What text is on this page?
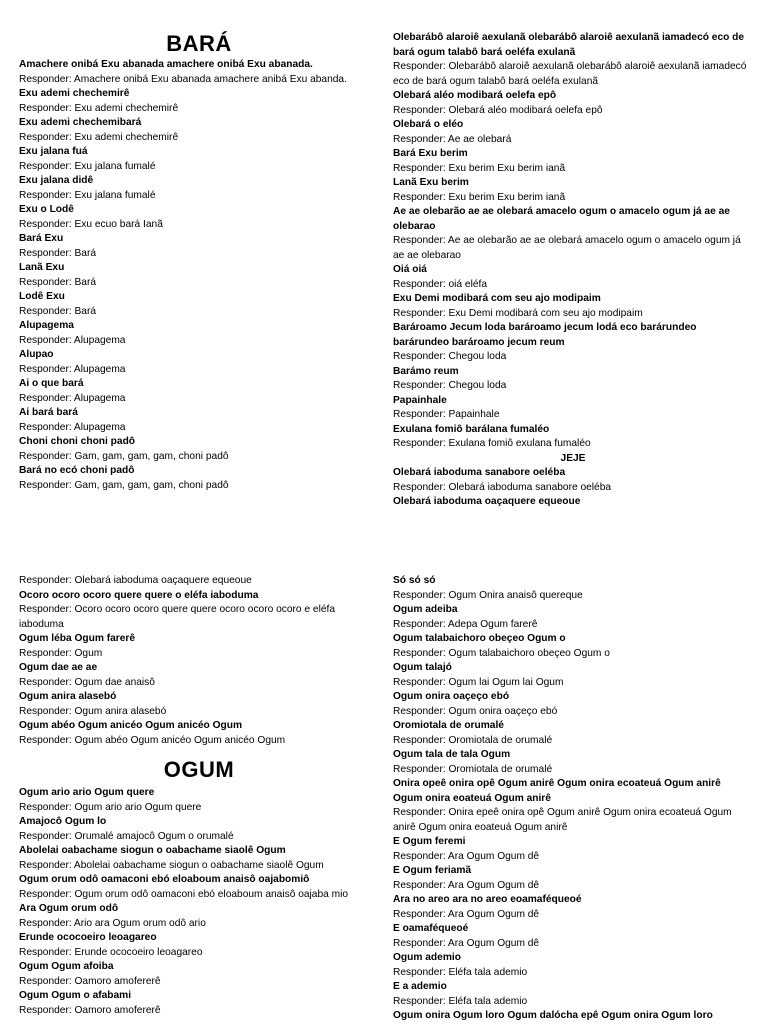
BARÁ

Amachere onibá Exu abanada amachere onibá Exu abanada.

Responder: Amachere onibá Exu abanada amachere anibá Exu abanda.

Exu ademi chechemirê

Responder: Exu ademi chechemirê

Exu ademi chechemibará

Responder: Exu ademi chechemirê

Exu jalana fuá

Responder: Exu jalana fumalé

Exu jalana didê

Responder: Exu jalana fumalé

Exu o Lodê

Responder: Exu ecuo bará Ianã

Bará Exu

Responder: Bará

Lanã Exu

Responder: Bará

Lodê Exu

Responder: Bará

Alupagema

Responder: Alupagema

Alupao

Responder: Alupagema

Ai o que bará

Responder: Alupagema

Ai bará bará

Responder: Alupagema

Choni choni choni padô

Responder: Gam, gam, gam, gam, choni padô

Bará no ecó choni padô

Responder: Gam, gam, gam, gam, choni padô

Olebarábô alaroiê aexulanã olebarábô alaroiê aexulanã iamadecó eco de bará ogum talabô bará oeléfa exulanã

Responder: Olebarábô alaroiê aexulanã olebarábô alaroiê aexulanã iamadecó eco de bará ogum talabô bará oeléfa exulanã

Olebará aléo modibará oelefa epô

Responder: Olebará aléo modibará oelefa epô

Olebará o eléo

Responder: Ae ae olebará

Bará Exu berim

Responder: Exu berim Exu berim ianã

Lanã Exu berim

Responder: Exu berim Exu berim ianã

Ae ae olebarão ae ae olebará amacelo ogum o amacelo ogum já ae ae olebarao

Responder: Ae ae olebarão ae ae olebará amacelo ogum o amacelo ogum já ae ae olebarao

Oiá oiá

Responder: oiá eléfa

Exu Demi modibará com seu ajo modipaim

Responder: Exu Demi modibará com seu ajo modipaim

Barároamo Jecum loda barároamo jecum lodá eco barárundeo barárundeo barároamo jecum reum

Responder: Chegou loda

Barámo reum

Responder: Chegou loda

Papainhale

Responder: Papainhale

Exulana fomiô barálana fumaléo

Responder: Exulana fomiô exulana fumaléo

JEJE

Olebará iaboduma sanabore oeléba

Responder: Olebará iaboduma sanabore oeléba

Olebará iaboduma oaçaquere equeoue

Responder: Olebará iaboduma oaçaquere equeoue

Ocoro ocoro ocoro quere quere o eléfa iaboduma

Responder: Ocoro ocoro ocoro quere quere ocoro ocoro ocoro e eléfa iaboduma

Ogum léba Ogum farerê

Responder: Ogum

Ogum dae ae ae

Responder: Ogum dae anaisô

Ogum anira alasebó

Responder: Ogum anira alasebó

Ogum abéo Ogum anicéo Ogum anicéo Ogum

Responder: Ogum abéo Ogum anicéo Ogum anicéo Ogum

OGUM

Ogum ario ario Ogum quere

Responder: Ogum ario ario Ogum quere

Amajocô Ogum lo

Responder: Orumalé amajocô Ogum o orumalé

Abolelai oabachame siogun o oabachame siaolê Ogum

Responder: Abolelai oabachame siogun o oabachame siaolê Ogum

Ogum orum odô oamaconi ebó eloaboum anaisô oajabomiô

Responder: Ogum orum odô oamaconi ebó eloaboum anaisô oajaba mio

Ara Ogum orum odô

Responder: Ario ara Ogum orum odô ario

Erunde ococoeiro leoagareo

Responder: Erunde ococoeiro leoagareo

Ogum Ogum afoiba

Responder: Oamoro amofererê

Ogum Ogum o afabami

Responder: Oamoro amofererê

Só só só

Responder: Ogum Onira anaisô quereque

Ogum adeiba

Responder: Adepa Ogum farerê

Ogum talabaichoro obeçeo Ogum o

Responder: Ogum talabaichoro obeçeo Ogum o

Ogum talajó

Responder: Ogum lai Ogum lai Ogum

Ogum onira oaçeço ebó

Responder: Ogum onira oaçeço ebó

Oromiotala de orumalé

Responder: Oromiotala de orumalé

Ogum tala de tala Ogum

Responder: Oromiotala de orumalé

Onira opeê onira opê Ogum anirê Ogum onira ecoateuá Ogum anirê Ogum onira eoateuá Ogum anirê

Responder: Onira epeê onira opê Ogum anirê Ogum onira ecoateuá Ogum anirê Ogum onira eoateuá Ogum anirê

E Ogum feremi

Responder: Ara Ogum Ogum dê

E Ogum feriamã

Responder: Ara Ogum Ogum dê

Ara no areo ara no areo eoamaféqueoé

Responder: Ara Ogum Ogum dê

E oamaféqueoé

Responder: Ara Ogum Ogum dê

Ogum ademio

Responder: Eléfa tala ademio

E a ademio

Responder: Eléfa tala ademio

Ogum onira Ogum loro Ogum dalócha epê Ogum onira Ogum loro
